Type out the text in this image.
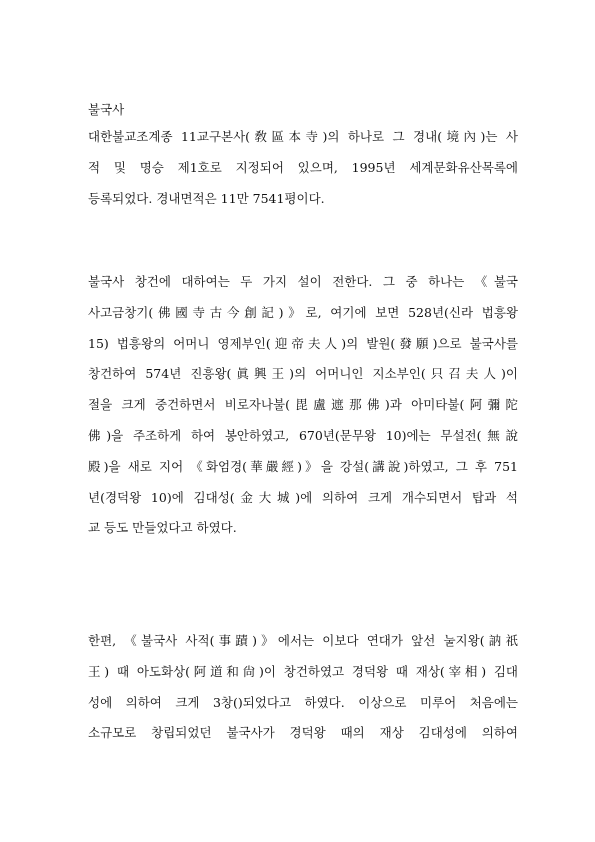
불국사
대한불교조계종 11교구본사(敎區本寺)의 하나로 그 경내(境內)는 사
적 및 명승 제1호로 지정되어 있으며, 1995년 세계문화유산목록에
등록되었다. 경내면적은 11만 7541평이다.
불국사 창건에 대하여는 두 가지 설이 전한다. 그 중 하나는 《불국
사고금창기(佛國寺古今創記)》로, 여기에 보면 528년(신라 법흥왕
15) 법흥왕의 어머니 영제부인(迎帝夫人)의 발원(發願)으로 불국사를
창건하여 574년 진흥왕(眞興王)의 어머니인 지소부인(只召夫人)이
절을 크게 중건하면서 비로자나불(毘盧遮那佛)과 아미타불(阿彌陀
佛)을 주조하게 하여 봉안하였고, 670년(문무왕 10)에는 무설전(無說
殿)을 새로 지어 《화엄경(華嚴經)》을 강설(講說)하였고, 그 후 751
년(경덕왕 10)에 김대성(金大城)에 의하여 크게 개수되면서 탑과 석
교 등도 만들었다고 하였다.
한편, 《불국사 사적(事蹟)》에서는 이보다 연대가 앞선 눌지왕(訥祇
王) 때 아도화상(阿道和尙)이 창건하였고 경덕왕 때 재상(宰相) 김대
성에 의하여 크게 3창()되었다고 하였다. 이상으로 미루어 처음에는
소규모로 창립되었던 불국사가 경덕왕 때의 재상 김대성에 의하여
